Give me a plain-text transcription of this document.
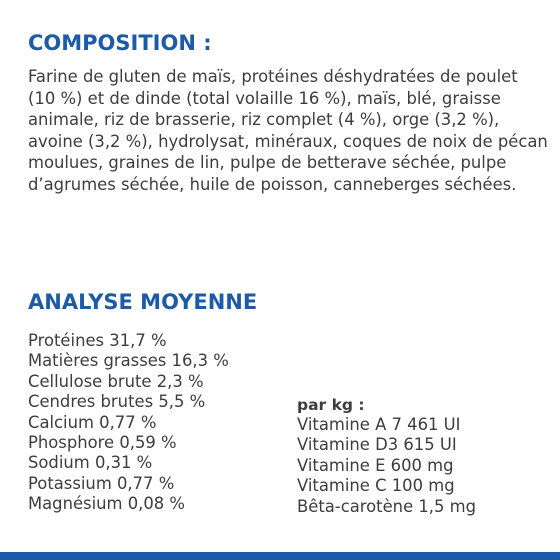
COMPOSITION :

Farine de gluten de maïs, protéines déshydratées de poulet (10 %) et de dinde (total volaille 16 %), maïs, blé, graisse animale, riz de brasserie, riz complet (4 %), orge (3,2 %), avoine (3,2 %), hydrolysat, minéraux, coques de noix de pécan moulues, graines de lin, pulpe de betterave séchée, pulpe d’agrumes séchée, huile de poisson, canneberges séchées.

ANALYSE MOYENNE
Protéines 31,7 %
Matières grasses 16,3 %
Cellulose brute 2,3 %
Cendres brutes 5,5 %
Calcium 0,77 %
Phosphore 0,59 %
Sodium 0,31 %
Potassium 0,77 %
Magnésium 0,08 %
par kg :
Vitamine A 7 461 UI
Vitamine D3 615 UI
Vitamine E 600 mg
Vitamine C 100 mg
Bêta-carotène 1,5 mg
